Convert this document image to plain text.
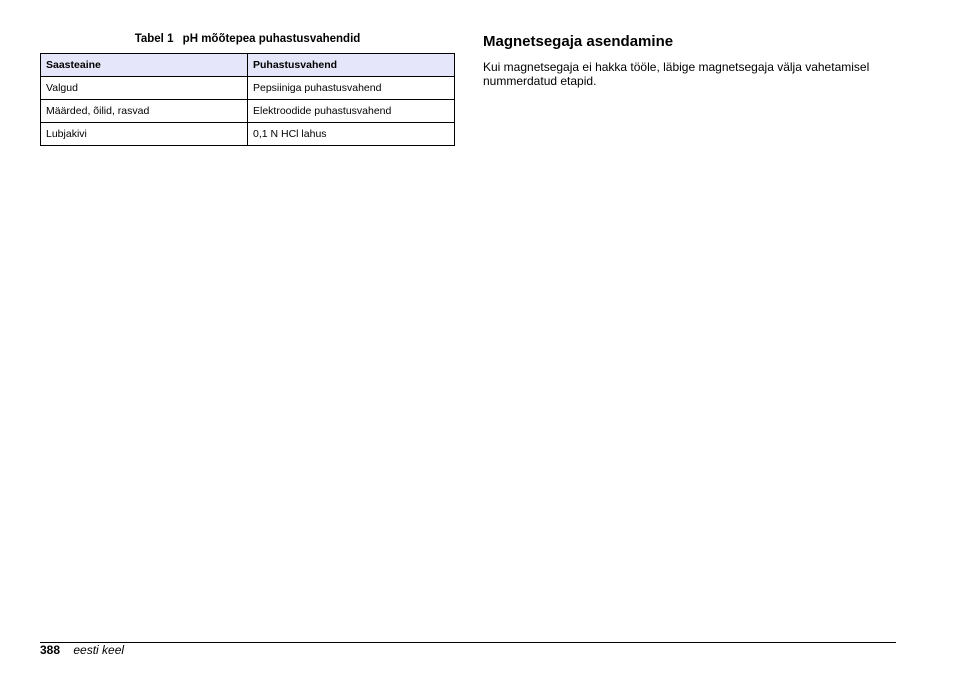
Tabel 1 pH mõõtepea puhastusvahendid
Saasteaine	Puhastusvahend
Valgud	Pepsiiniga puhastusvahend
Määrded, õilid, rasvad	Elektroodide puhastusvahend
Lubjakivi	0,1 N HCl lahus
Magnetsegaja asendamine

Kui magnetsegaja ei hakka tööle, läbige magnetsegaja välja vahetamisel nummerdatud etapid.

388 eesti keel
